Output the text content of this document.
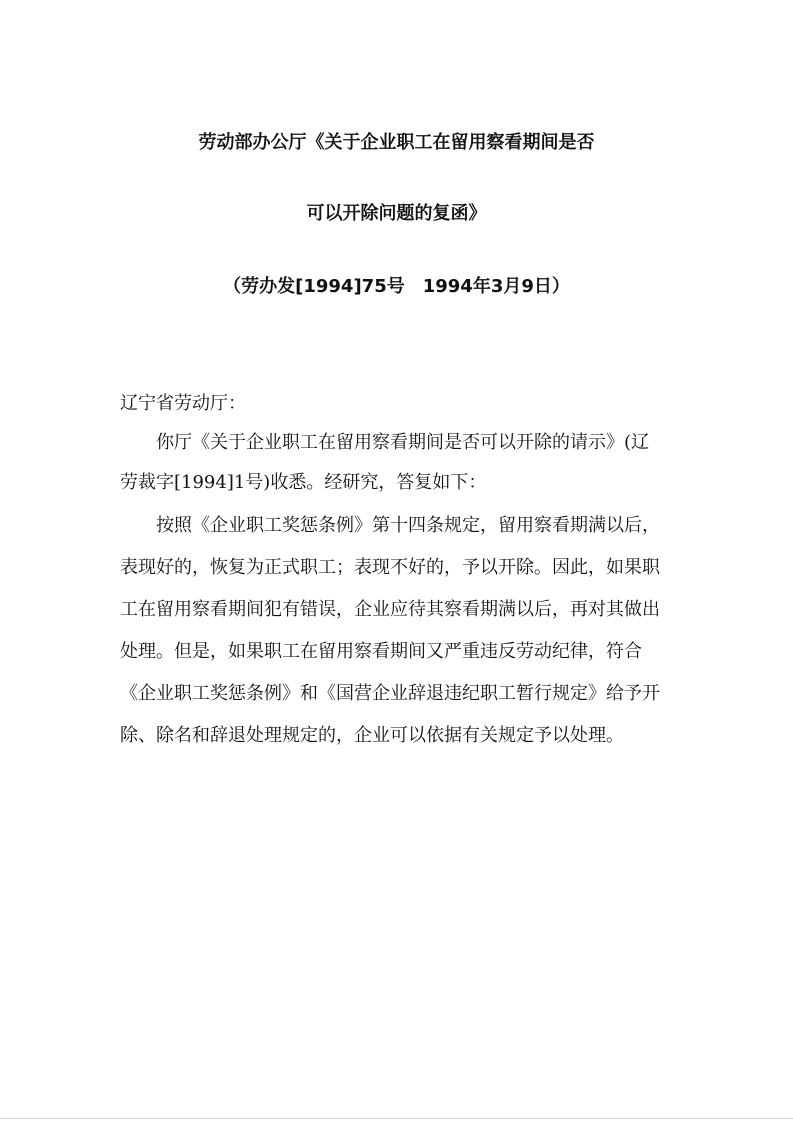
劳动部办公厅《关于企业职工在留用察看期间是否
可以开除问题的复函》
（劳办发[1994]75号　1994年3月9日）
辽宁省劳动厅：
　　你厅《关于企业职工在留用察看期间是否可以开除的请示》(辽
劳裁字[1994]1号)收悉。经研究，答复如下：
　　按照《企业职工奖惩条例》第十四条规定，留用察看期满以后，
表现好的，恢复为正式职工；表现不好的，予以开除。因此，如果职
工在留用察看期间犯有错误，企业应待其察看期满以后，再对其做出
处理。但是，如果职工在留用察看期间又严重违反劳动纪律，符合
《企业职工奖惩条例》和《国营企业辞退违纪职工暂行规定》给予开
除、除名和辞退处理规定的，企业可以依据有关规定予以处理。
